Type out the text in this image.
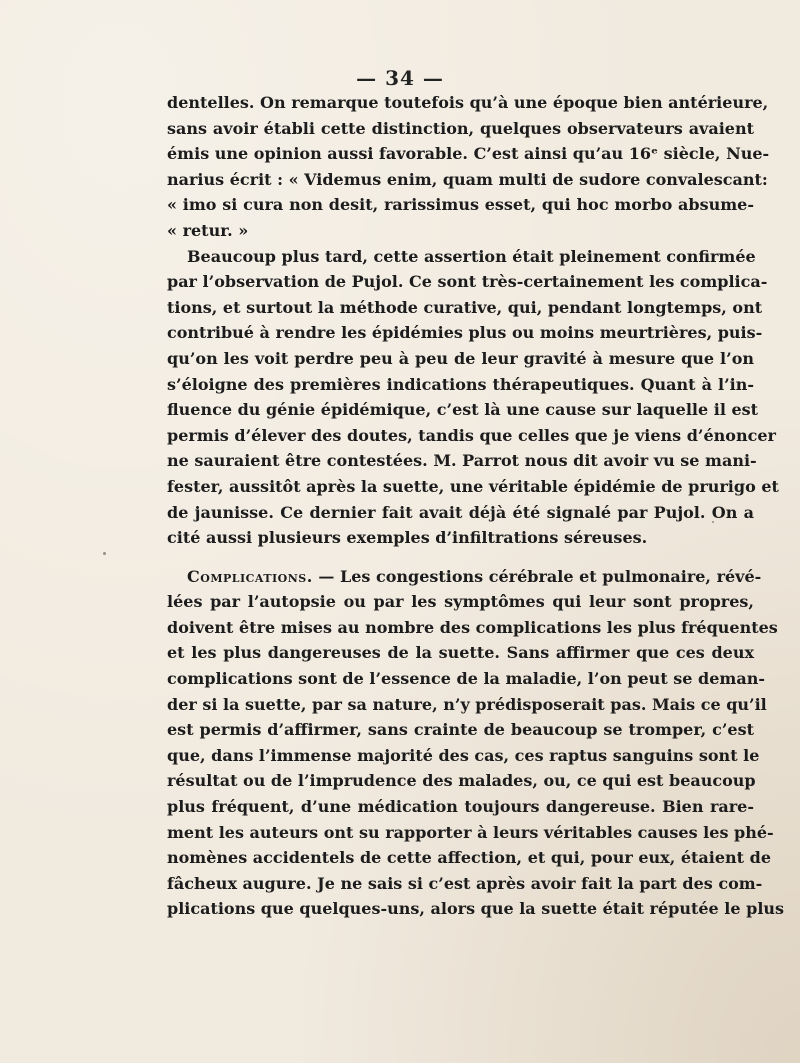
— 34 —
dentelles. On remarque toutefois qu’à une époque bien antérieure,
sans avoir établi cette distinction, quelques observateurs avaient
émis une opinion aussi favorable. C’est ainsi qu’au 16ᵉ siècle, Nue-
narius écrit : « Videmus enim, quam multi de sudore convalescant:
« imo si cura non desit, rarissimus esset, qui hoc morbo absume-
« retur. »
Beaucoup plus tard, cette assertion était pleinement confirmée
par l’observation de Pujol. Ce sont très-certainement les complica-
tions, et surtout la méthode curative, qui, pendant longtemps, ont
contribué à rendre les épidémies plus ou moins meurtrières, puis-
qu’on les voit perdre peu à peu de leur gravité à mesure que l’on
s’éloigne des premières indications thérapeutiques. Quant à l’in-
fluence du génie épidémique, c’est là une cause sur laquelle il est
permis d’élever des doutes, tandis que celles que je viens d’énoncer
ne sauraient être contestées. M. Parrot nous dit avoir vu se mani-
fester, aussitôt après la suette, une véritable épidémie de prurigo et
de jaunisse. Ce dernier fait avait déjà été signalé par Pujol. On a
cité aussi plusieurs exemples d’infiltrations séreuses.
Complications. — Les congestions cérébrale et pulmonaire, révé-
lées par l’autopsie ou par les symptômes qui leur sont propres,
doivent être mises au nombre des complications les plus fréquentes
et les plus dangereuses de la suette. Sans affirmer que ces deux
complications sont de l’essence de la maladie, l’on peut se deman-
der si la suette, par sa nature, n’y prédisposerait pas. Mais ce qu’il
est permis d’affirmer, sans crainte de beaucoup se tromper, c’est
que, dans l’immense majorité des cas, ces raptus sanguins sont le
résultat ou de l’imprudence des malades, ou, ce qui est beaucoup
plus fréquent, d’une médication toujours dangereuse. Bien rare-
ment les auteurs ont su rapporter à leurs véritables causes les phé-
nomènes accidentels de cette affection, et qui, pour eux, étaient de
fâcheux augure. Je ne sais si c’est après avoir fait la part des com-
plications que quelques-uns, alors que la suette était réputée le plus
